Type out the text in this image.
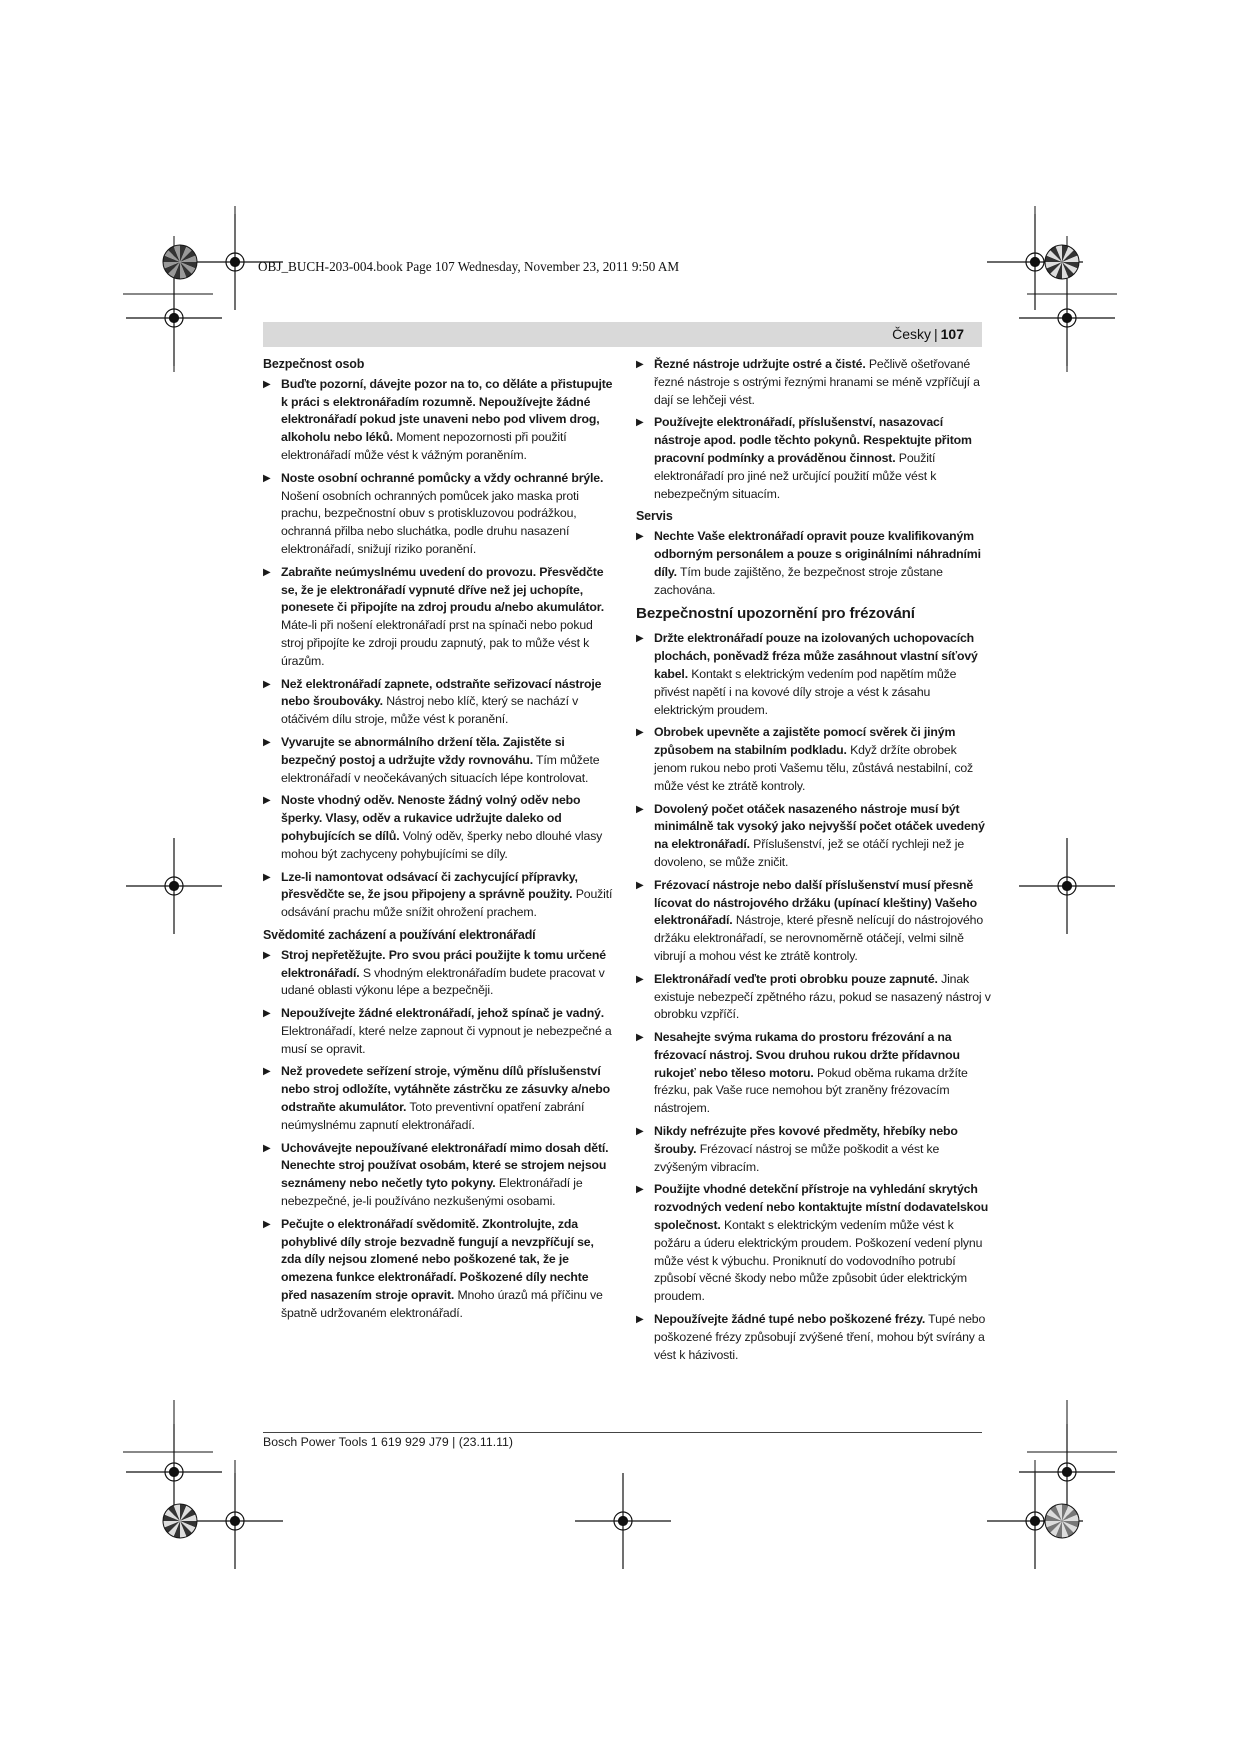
OBJ_BUCH-203-004.book Page 107 Wednesday, November 23, 2011 9:50 AM
Česky | 107
Bezpečnost osob
▶ Buďte pozorní, dávejte pozor na to, co děláte a přistupujte k práci s elektronářadím rozumně. Nepoužívejte žádné elektronářadí pokud jste unaveni nebo pod vlivem drog, alkoholu nebo léků. Moment nepozornosti při použití elektronářadí může vést k vážným poraněním.
▶ Noste osobní ochranné pomůcky a vždy ochranné brýle. Nošení osobních ochranných pomůcek jako maska proti prachu, bezpečnostní obuv s protiskluzovou podrážkou, ochranná přilba nebo sluchátka, podle druhu nasazení elektronářadí, snižují riziko poranění.
▶ Zabraňte neúmyslnému uvedení do provozu. Přesvědčte se, že je elektronářadí vypnuté dříve než jej uchopíte, ponesete či připojíte na zdroj proudu a/nebo akumulátor. Máte-li při nošení elektronářadí prst na spínači nebo pokud stroj připojíte ke zdroji proudu zapnutý, pak to může vést k úrazům.
▶ Než elektronářadí zapnete, odstraňte seřizovací nástroje nebo šroubováky. Nástroj nebo klíč, který se nachází v otáčivém dílu stroje, může vést k poranění.
▶ Vyvarujte se abnormálního držení těla. Zajistěte si bezpečný postoj a udržujte vždy rovnováhu. Tím můžete elektronářadí v neočekávaných situacích lépe kontrolovat.
▶ Noste vhodný oděv. Nenoste žádný volný oděv nebo šperky. Vlasy, oděv a rukavice udržujte daleko od pohybujících se dílů. Volný oděv, šperky nebo dlouhé vlasy mohou být zachyceny pohybujícími se díly.
▶ Lze-li namontovat odsávací či zachycující přípravky, přesvědčte se, že jsou připojeny a správně použity. Použití odsávání prachu může snížit ohrožení prachem.
Svědomité zacházení a používání elektronářadí
▶ Stroj nepřetěžujte. Pro svou práci použijte k tomu určené elektronářadí. S vhodným elektronářadím budete pracovat v udané oblasti výkonu lépe a bezpečněji.
▶ Nepoužívejte žádné elektronářadí, jehož spínač je vadný. Elektronářadí, které nelze zapnout či vypnout je nebezpečné a musí se opravit.
▶ Než provedete seřízení stroje, výměnu dílů příslušenství nebo stroj odložíte, vytáhněte zástrčku ze zásuvky a/nebo odstraňte akumulátor. Toto preventivní opatření zabrání neúmyslnému zapnutí elektronářadí.
▶ Uchovávejte nepoužívané elektronářadí mimo dosah dětí. Nenechte stroj používat osobám, které se strojem nejsou seznámeny nebo nečetly tyto pokyny. Elektronářadí je nebezpečné, je-li používáno nezkušenými osobami.
▶ Pečujte o elektronářadí svědomitě. Zkontrolujte, zda pohyblivé díly stroje bezvadně fungují a nevzpříčují se, zda díly nejsou zlomené nebo poškozené tak, že je omezena funkce elektronářadí. Poškozené díly nechte před nasazením stroje opravit. Mnoho úrazů má příčinu ve špatně udržovaném elektronářadí.
▶ Řezné nástroje udržujte ostré a čisté. Pečlivě ošetřované řezné nástroje s ostrými řeznými hranami se méně vzpříčují a dají se lehčeji vést.
▶ Používejte elektronářadí, příslušenství, nasazovací nástroje apod. podle těchto pokynů. Respektujte přitom pracovní podmínky a prováděnou činnost. Použití elektronářadí pro jiné než určující použití může vést k nebezpečným situacím.
Servis
▶ Nechte Vaše elektronářadí opravit pouze kvalifikovaným odborným personálem a pouze s originálními náhradními díly. Tím bude zajištěno, že bezpečnost stroje zůstane zachována.
Bezpečnostní upozornění pro frézování
▶ Držte elektronářadí pouze na izolovaných uchopovacích plochách, poněvadž fréza může zasáhnout vlastní síťový kabel. Kontakt s elektrickým vedením pod napětím může přivést napětí i na kovové díly stroje a vést k zásahu elektrickým proudem.
▶ Obrobek upevněte a zajistěte pomocí svěrek či jiným způsobem na stabilním podkladu. Když držíte obrobek jenom rukou nebo proti Vašemu tělu, zůstává nestabilní, což může vést ke ztrátě kontroly.
▶ Dovolený počet otáček nasazeného nástroje musí být minimálně tak vysoký jako nejvyšší počet otáček uvedený na elektronářadí. Příslušenství, jež se otáčí rychleji než je dovoleno, se může zničit.
▶ Frézovací nástroje nebo další příslušenství musí přesně lícovat do nástrojového držáku (upínací kleštiny) Vašeho elektronářadí. Nástroje, které přesně nelícují do nástrojového držáku elektronářadí, se nerovnoměrně otáčejí, velmi silně vibrují a mohou vést ke ztrátě kontroly.
▶ Elektronářadí veďte proti obrobku pouze zapnuté. Jinak existuje nebezpečí zpětného rázu, pokud se nasazený nástroj v obrobku vzpříčí.
▶ Nesahejte svýma rukama do prostoru frézování a na frézovací nástroj. Svou druhou rukou držte přídavnou rukojeť nebo těleso motoru. Pokud oběma rukama držíte frézku, pak Vaše ruce nemohou být zraněny frézovacím nástrojem.
▶ Nikdy nefrézujte přes kovové předměty, hřebíky nebo šrouby. Frézovací nástroj se může poškodit a vést ke zvýšeným vibracím.
▶ Použijte vhodné detekční přístroje na vyhledání skrytých rozvodných vedení nebo kontaktujte místní dodavatelskou společnost. Kontakt s elektrickým vedením může vést k požáru a úderu elektrickým proudem. Poškození vedení plynu může vést k výbuchu. Proniknutí do vodovodního potrubí způsobí věcné škody nebo může způsobit úder elektrickým proudem.
▶ Nepoužívejte žádné tupé nebo poškozené frézy. Tupé nebo poškozené frézy způsobují zvýšené tření, mohou být svírány a vést k házivosti.
Bosch Power Tools 1 619 929 J79 | (23.11.11)
